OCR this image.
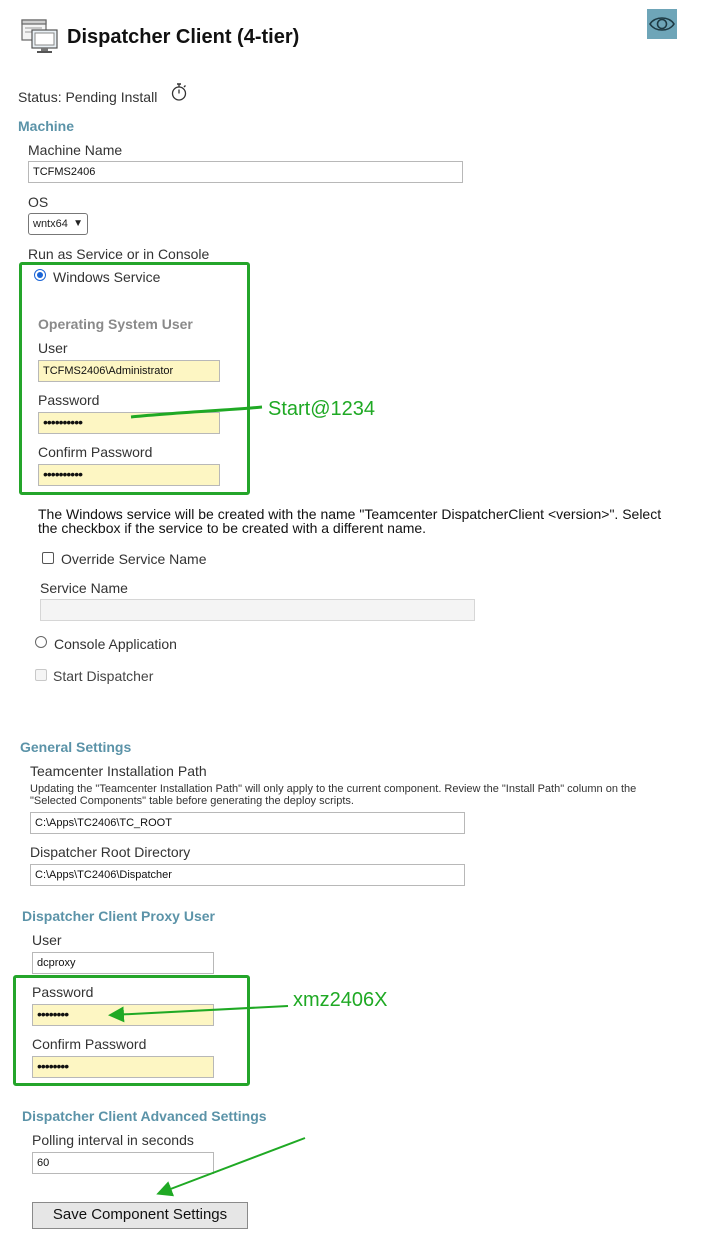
Dispatcher Client (4-tier)
Status: Pending Install
Machine
Machine Name
TCFMS2406
OS
wntx64 ▼
Run as Service or in Console
Windows Service
Operating System User
User
TCFMS2406\Administrator
Password
••••••••••
Confirm Password
••••••••••
The Windows service will be created with the name "Teamcenter DispatcherClient <version>". Select
the checkbox if the service to be created with a different name.
Override Service Name
Service Name
Console Application
Start Dispatcher
General Settings
Teamcenter Installation Path
Updating the "Teamcenter Installation Path" will only apply to the current component. Review the "Install Path" column on the
"Selected Components" table before generating the deploy scripts.
C:\Apps\TC2406\TC_ROOT
Dispatcher Root Directory
C:\Apps\TC2406\Dispatcher
Dispatcher Client Proxy User
User
dcproxy
Password
••••••••
Confirm Password
••••••••
Dispatcher Client Advanced Settings
Polling interval in seconds
60
Save Component Settings
Start@1234
xmz2406X
